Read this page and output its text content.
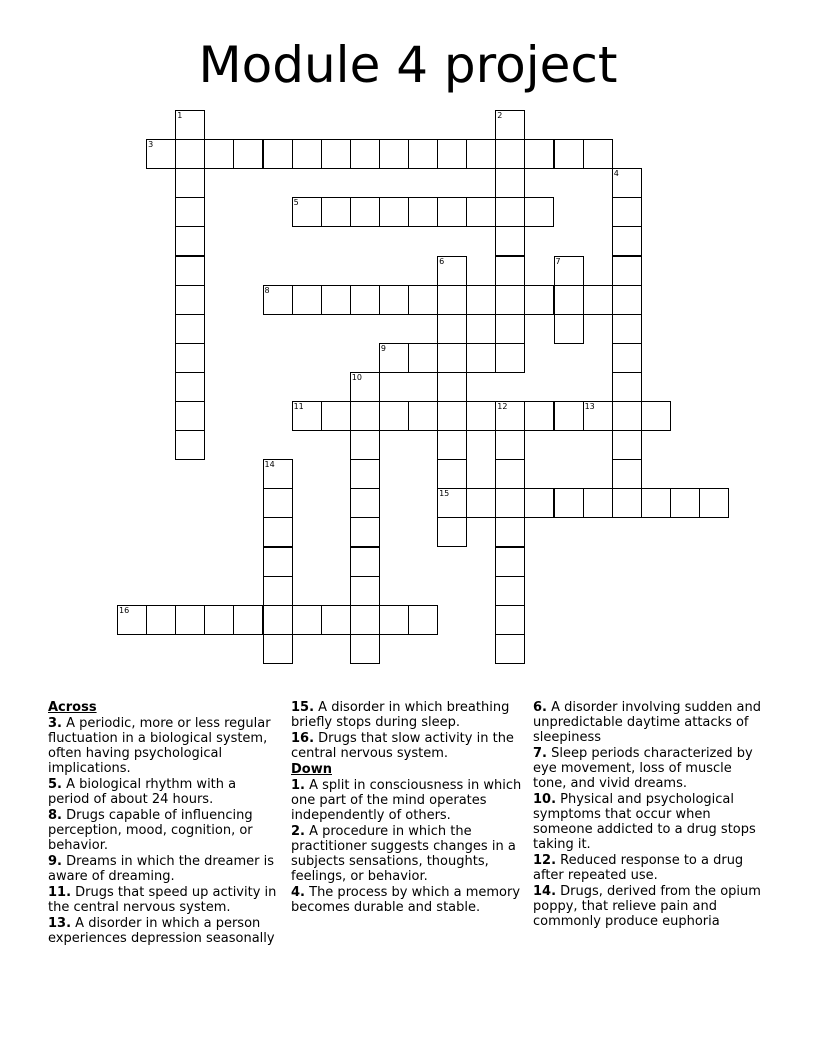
Module 4 project
1	2
3
4
5
6
15
7
8
9
10
11	12	13
14
16
Across
3. A periodic, more or less regular fluctuation in a biological system, often having psychological implications.
5. A biological rhythm with a period of about 24 hours.
8. Drugs capable of influencing perception, mood, cognition, or behavior.
9. Dreams in which the dreamer is aware of dreaming.
11. Drugs that speed up activity in the central nervous system.
13. A disorder in which a person experiences depression seasonally
15. A disorder in which breathing briefly stops during sleep.
16. Drugs that slow activity in the central nervous system.
Down
1. A split in consciousness in which one part of the mind operates independently of others.
2. A procedure in which the practitioner suggests changes in a subjects sensations, thoughts, feelings, or behavior.
4. The process by which a memory becomes durable and stable.
6. A disorder involving sudden and unpredictable daytime attacks of sleepiness
7. Sleep periods characterized by eye movement, loss of muscle tone, and vivid dreams.
10. Physical and psychological symptoms that occur when someone addicted to a drug stops taking it.
12. Reduced response to a drug after repeated use.
14. Drugs, derived from the opium poppy, that relieve pain and commonly produce euphoria
